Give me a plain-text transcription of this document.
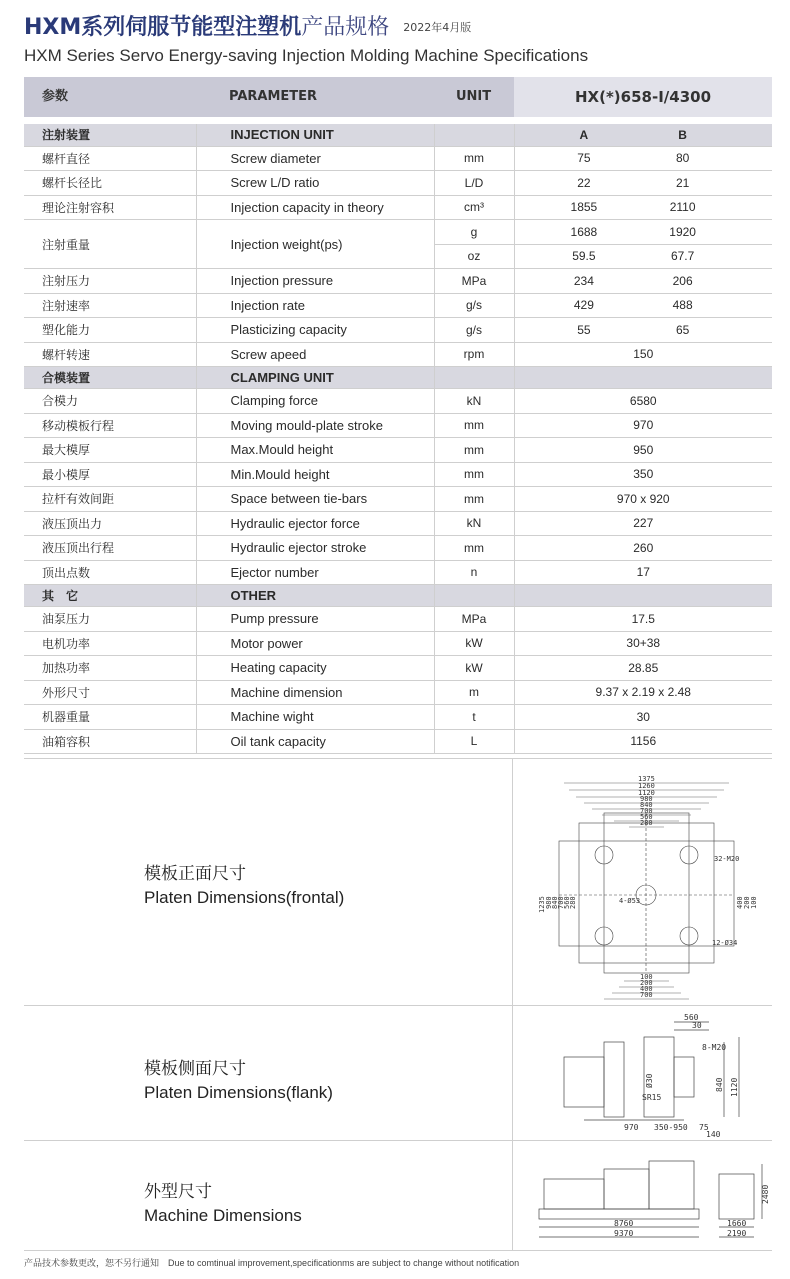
HXM系列伺服节能型注塑机产品规格 2022年4月版
HXM Series Servo Energy-saving Injection Molding Machine Specifications
参数	PARAMETER	UNIT	HX(*)658-I/4300
注射装置	INJECTION UNIT		A B

螺杆直径	Screw diameter	mm	75 80

螺杆长径比	Screw L/D ratio	L/D	22 21

理论注射容积	Injection capacity in theory	cm³	1855 2110

注射重量	Injection weight(ps)	g	1688 1920

		oz	59.5 67.7

注射压力	Injection pressure	MPa	234 206

注射速率	Injection rate	g/s	429 488

塑化能力	Plasticizing capacity	g/s	55 65

螺杆转速	Screw apeed	rpm	150

合模装置	CLAMPING UNIT		
合模力	Clamping force	kN	6580

移动模板行程	Moving mould-plate stroke	mm	970

最大模厚	Max.Mould height	mm	950

最小模厚	Min.Mould height	mm	350

拉杆有效间距	Space between tie-bars	mm	970 x 920

液压顶出力	Hydraulic ejector force	kN	227

液压顶出行程	Hydraulic ejector stroke	mm	260

顶出点数	Ejector number	n	17

其　它	OTHER		
油泵压力	Pump pressure	MPa	17.5

电机功率	Motor power	kW	30+38

加热功率	Heating capacity	kW	28.85

外形尺寸	Machine dimension	m	9.37 x 2.19 x 2.48

机器重量	Machine wight	t	30

油箱容积	Oil tank capacity	L	1156
模板正面尺寸
Platen Dimensions(frontal)
1375
1260
1120
980
840
700
560
280
100
200
400
700
1235 980
840
700
560
280	400 200 100
32-M20
4-Ø53
12-Ø34
模板侧面尺寸
Platen Dimensions(flank)
560
30
8-M20
840 1120
Ø30
SR15
970 350-950 75
140
外型尺寸
Machine Dimensions	8760
9370
2480
1660
2190
产品技术参数更改，恕不另行通知　Due to comtinual improvement,specificationms are subject to change without notification
